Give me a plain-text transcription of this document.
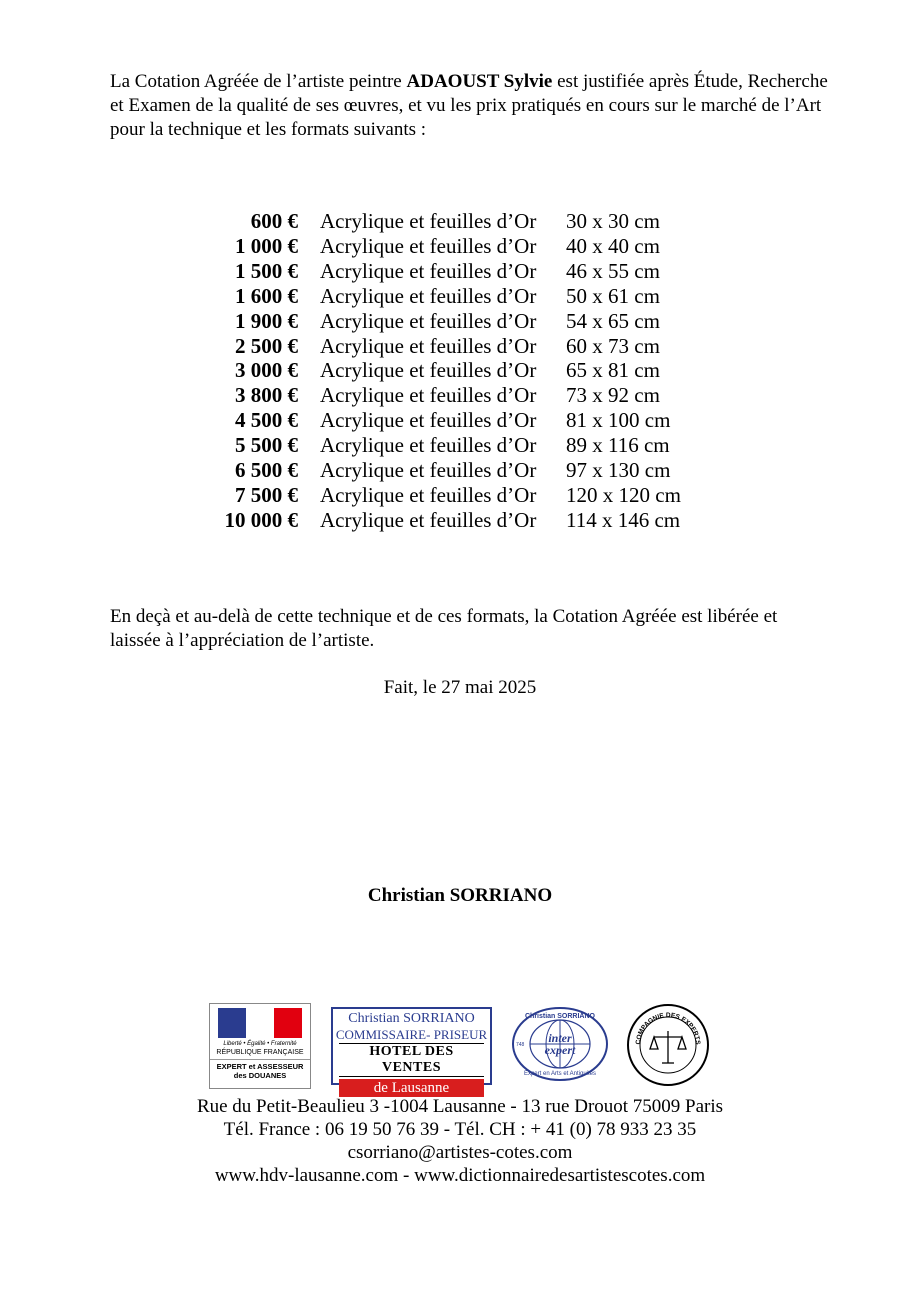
La Cotation Agréée de l’artiste peintre ADAOUST Sylvie est justifiée après Étude, Recherche et Examen de la qualité de ses œuvres, et vu les prix pratiqués en cours sur le marché de l’Art pour la technique et les formats suivants :

600 €	Acrylique et feuilles d’Or	30 x 30 cm
1 000 €	Acrylique et feuilles d’Or	40 x 40 cm
1 500 €	Acrylique et feuilles d’Or	46 x 55 cm
1 600 €	Acrylique et feuilles d’Or	50 x 61 cm
1 900 €	Acrylique et feuilles d’Or	54 x 65 cm
2 500 €	Acrylique et feuilles d’Or	60 x 73 cm
3 000 €	Acrylique et feuilles d’Or	65 x 81 cm
3 800 €	Acrylique et feuilles d’Or	73 x 92 cm
4 500 €	Acrylique et feuilles d’Or	81 x 100 cm
5 500 €	Acrylique et feuilles d’Or	89 x 116 cm
6 500 €	Acrylique et feuilles d’Or	97 x 130 cm
7 500 €	Acrylique et feuilles d’Or	120 x 120 cm
10 000 €	Acrylique et feuilles d’Or	114 x 146 cm

En deçà et au-delà de cette technique et de ces formats, la Cotation Agréée est libérée et laissée à l’appréciation de l’artiste.

Fait, le 27 mai 2025
Christian SORRIANO
Liberté • Égalité • Fraternité
RÉPUBLIQUE FRANÇAISE
EXPERT et ASSESSEUR
des DOUANES
Christian SORRIANO
COMMISSAIRE- PRISEUR
HOTEL DES VENTES
de Lausanne
Christian SORRIANO
inter
expert
Expert en Arts et Antiquités
748	COMPAGNIE DES EXPERTS
Rue du Petit-Beaulieu 3 -1004 Lausanne - 13 rue Drouot 75009 Paris
Tél. France : 06 19 50 76 39 - Tél. CH : + 41 (0) 78 933 23 35
csorriano@artistes-cotes.com
www.hdv-lausanne.com - www.dictionnairedesartistescotes.com
